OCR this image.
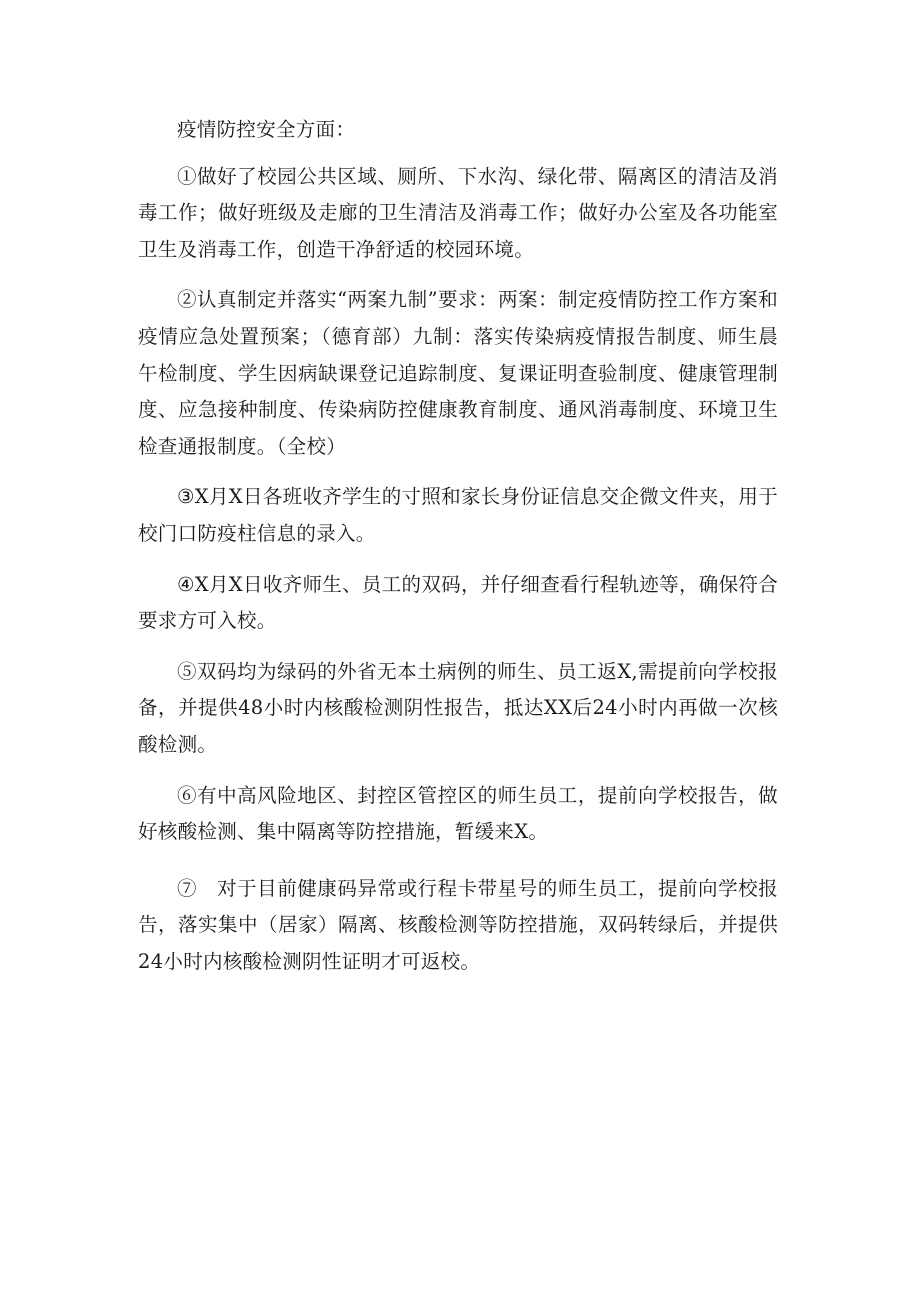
疫情防控安全方面：

①做好了校园公共区域、厕所、下水沟、绿化带、隔离区的清洁及消毒工作；做好班级及走廊的卫生清洁及消毒工作；做好办公室及各功能室卫生及消毒工作，创造干净舒适的校园环境。

②认真制定并落实“两案九制”要求：两案：制定疫情防控工作方案和疫情应急处置预案；（德育部）九制：落实传染病疫情报告制度、师生晨午检制度、学生因病缺课登记追踪制度、复课证明查验制度、健康管理制度、应急接种制度、传染病防控健康教育制度、通风消毒制度、环境卫生检查通报制度。（全校）

③X月X日各班收齐学生的寸照和家长身份证信息交企微文件夹，用于校门口防疫柱信息的录入。

④X月X日收齐师生、员工的双码，并仔细查看行程轨迹等，确保符合要求方可入校。

⑤双码均为绿码的外省无本土病例的师生、员工返X,需提前向学校报备，并提供48小时内核酸检测阴性报告，抵达XX后24小时内再做一次核酸检测。

⑥有中高风险地区、封控区管控区的师生员工，提前向学校报告，做好核酸检测、集中隔离等防控措施，暂缓来X。

⑦　对于目前健康码异常或行程卡带星号的师生员工，提前向学校报告，落实集中（居家）隔离、核酸检测等防控措施，双码转绿后，并提供24小时内核酸检测阴性证明才可返校。
